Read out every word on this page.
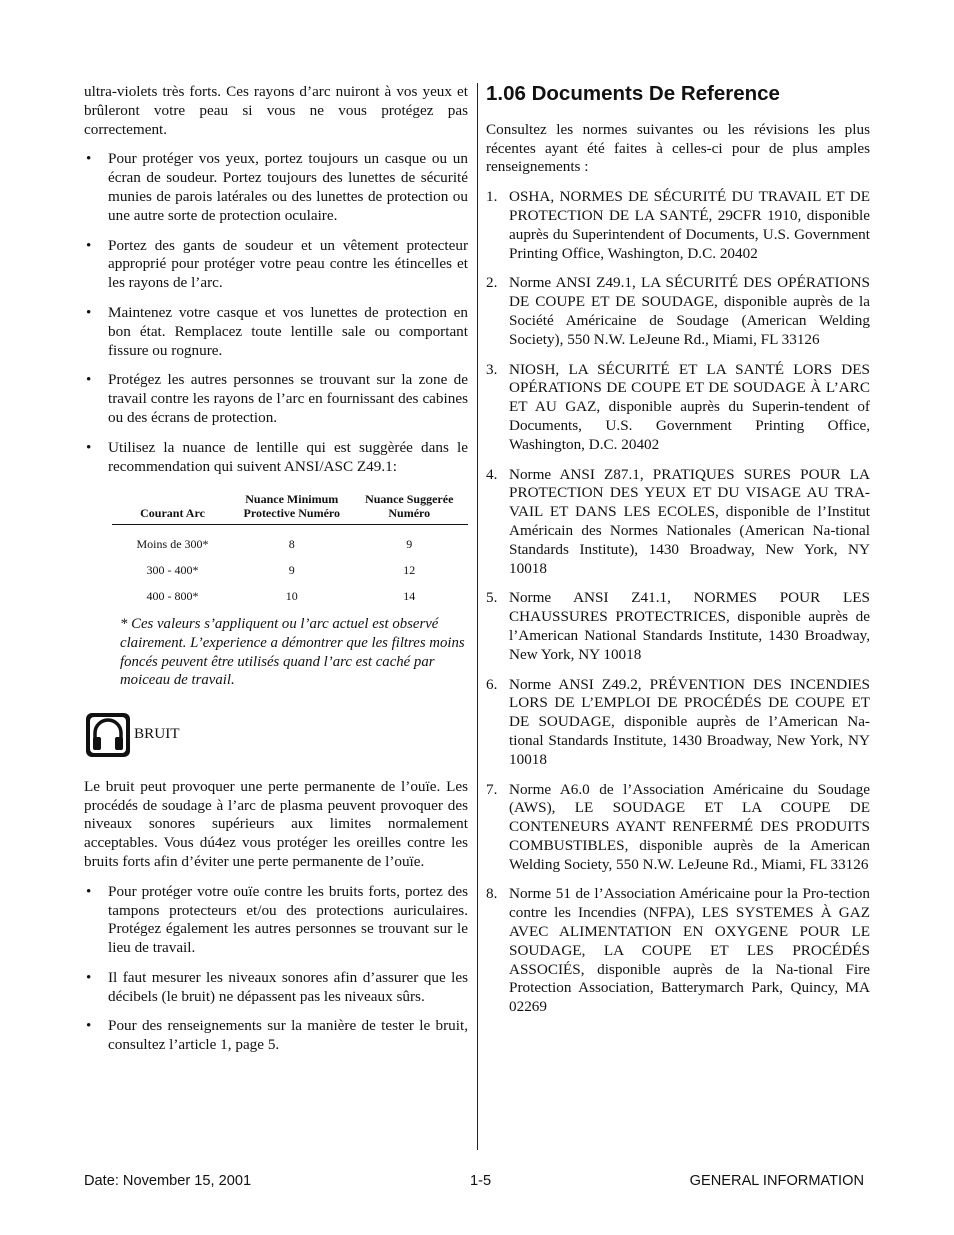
ultra-violets très forts. Ces rayons d’arc nuiront à vos yeux et brûleront votre peau si vous ne vous protégez pas correctement.

• Pour protéger vos yeux, portez toujours un casque ou un écran de soudeur. Portez toujours des lunettes de sécurité munies de parois latérales ou des lunettes de protection ou une autre sorte de protection oculaire.
• Portez des gants de soudeur et un vêtement protecteur approprié pour protéger votre peau contre les étincelles et les rayons de l’arc.
• Maintenez votre casque et vos lunettes de protection en bon état. Remplacez toute lentille sale ou comportant fissure ou rognure.
• Protégez les autres personnes se trouvant sur la zone de travail contre les rayons de l’arc en fournissant des cabines ou des écrans de protection.
• Utilisez la nuance de lentille qui est suggèrée dans le recommendation qui suivent ANSI/ASC Z49.1:
Courant Arc	Nuance Minimum Protective Numéro	Nuance Suggerée Numéro
Moins de 300*	8	9
300 - 400*	9	12
400 - 800*	10	14

* Ces valeurs s’appliquent ou l’arc actuel est observé clairement. L’experience a démontrer que les filtres moins foncés peuvent être utilisés quand l’arc est caché par moiceau de travail.

BRUIT

Le bruit peut provoquer une perte permanente de l’ouïe. Les procédés de soudage à l’arc de plasma peuvent provoquer des niveaux sonores supérieurs aux limites normalement acceptables. Vous dú4ez vous protéger les oreilles contre les bruits forts afin d’éviter une perte permanente de l’ouïe.

• Pour protéger votre ouïe contre les bruits forts, portez des tampons protecteurs et/ou des protections auriculaires. Protégez également les autres personnes se trouvant sur le lieu de travail.
• Il faut mesurer les niveaux sonores afin d’assurer que les décibels (le bruit) ne dépassent pas les niveaux sûrs.
• Pour des renseignements sur la manière de tester le bruit, consultez l’article 1, page 5.
1.06 Documents De Reference

Consultez les normes suivantes ou les révisions les plus récentes ayant été faites à celles-ci pour de plus amples renseignements :

1. OSHA, NORMES DE SÉCURITÉ DU TRAVAIL ET DE PROTECTION DE LA SANTÉ, 29CFR 1910, disponible auprès du Superintendent of Documents, U.S. Government Printing Office, Washington, D.C. 20402
2. Norme ANSI Z49.1, LA SÉCURITÉ DES OPÉRATIONS DE COUPE ET DE SOUDAGE, disponible auprès de la Société Américaine de Soudage (American Welding Society), 550 N.W. LeJeune Rd., Miami, FL 33126
3. NIOSH, LA SÉCURITÉ ET LA SANTÉ LORS DES OPÉRATIONS DE COUPE ET DE SOUDAGE À L’ARC ET AU GAZ, disponible auprès du Superin-tendent of Documents, U.S. Government Printing Office, Washington, D.C. 20402
4. Norme ANSI Z87.1, PRATIQUES SURES POUR LA PROTECTION DES YEUX ET DU VISAGE AU TRA-VAIL ET DANS LES ECOLES, disponible de l’Institut Américain des Normes Nationales (American Na-tional Standards Institute), 1430 Broadway, New York, NY 10018
5. Norme ANSI Z41.1, NORMES POUR LES CHAUSSURES PROTECTRICES, disponible auprès de l’American National Standards Institute, 1430 Broadway, New York, NY 10018
6. Norme ANSI Z49.2, PRÉVENTION DES INCENDIES LORS DE L’EMPLOI DE PROCÉDÉS DE COUPE ET DE SOUDAGE, disponible auprès de l’American Na-tional Standards Institute, 1430 Broadway, New York, NY 10018
7. Norme A6.0 de l’Association Américaine du Soudage (AWS), LE SOUDAGE ET LA COUPE DE CONTENEURS AYANT RENFERMÉ DES PRODUITS COMBUSTIBLES, disponible auprès de la American Welding Society, 550 N.W. LeJeune Rd., Miami, FL 33126
8. Norme 51 de l’Association Américaine pour la Pro-tection contre les Incendies (NFPA), LES SYSTEMES À GAZ AVEC ALIMENTATION EN OXYGENE POUR LE SOUDAGE, LA COUPE ET LES PROCÉDÉS ASSOCIÉS, disponible auprès de la Na-tional Fire Protection Association, Batterymarch Park, Quincy, MA 02269
Date: November 15, 2001	1-5	GENERAL INFORMATION
